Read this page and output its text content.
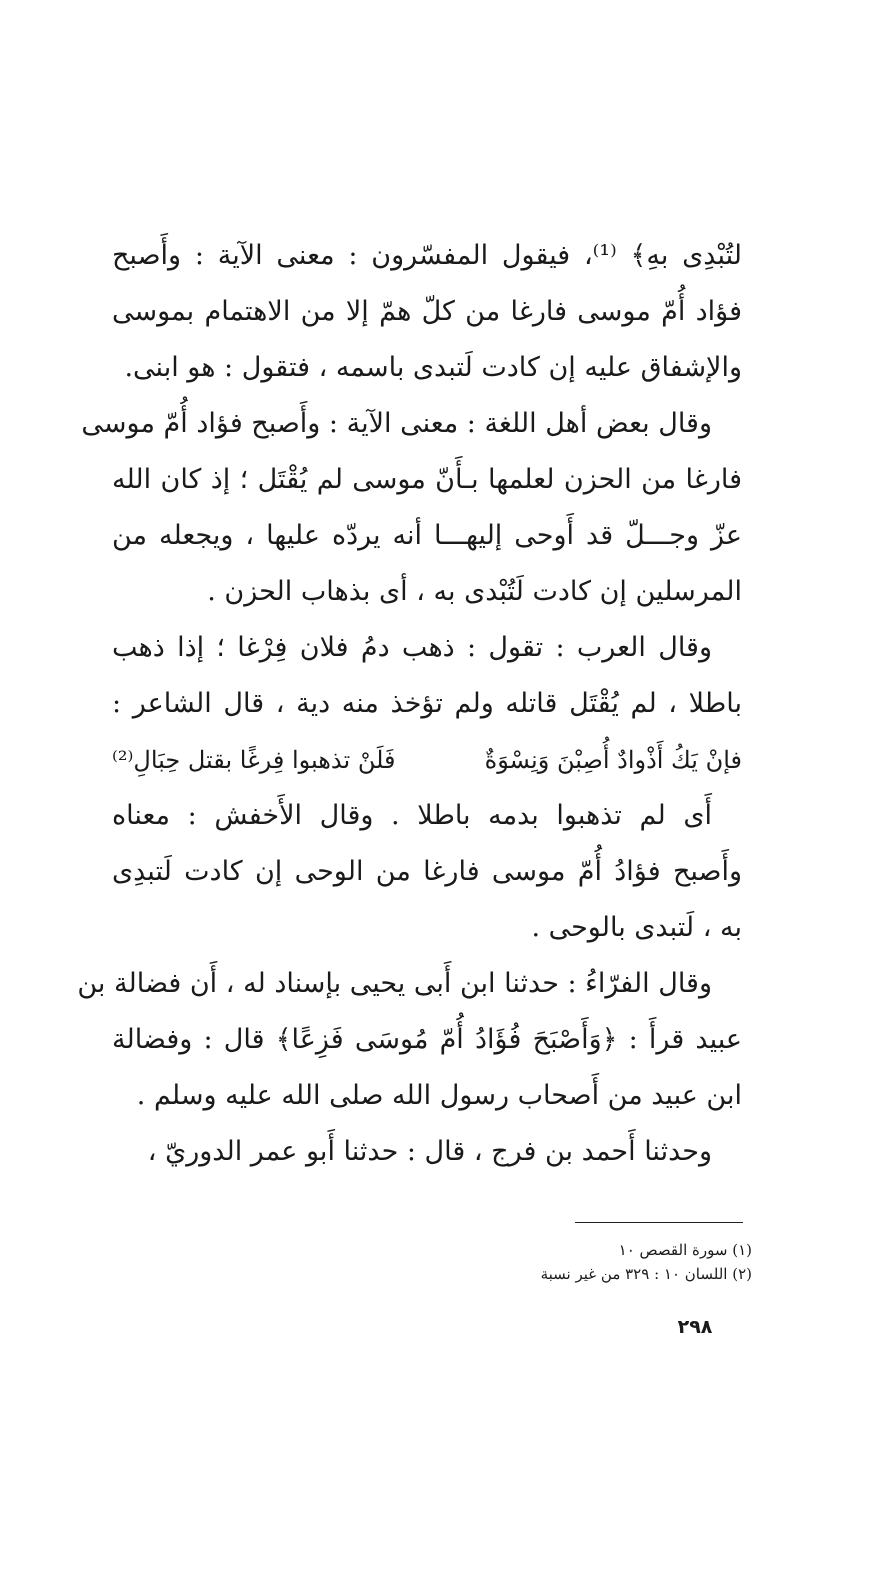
لتُبْدِى بهِ﴾ ⁽¹⁾، فيقول المفسّرون : معنى الآية : وأَصبح
فؤاد أُمّ موسى فارغا من كلّ همّ إلا من الاهتمام بموسى
والإشفاق عليه إن كادت لَتبدى باسمه ، فتقول : هو ابنى.
وقال بعض أهل اللغة : معنى الآية : وأَصبح فؤاد أُمّ موسى
فارغا من الحزن لعلمها بـأَنّ موسى لم يُقْتَل ؛ إذ كان الله
عزّ وجـــلّ قد أَوحى إليهـــا أنه يردّه عليها ، ويجعله من
المرسلين إن كادت لَتُبْدى به ، أى بذهاب الحزن .
وقال العرب : تقول : ذهب دمُ فلان فِرْغا ؛ إذا ذهب
باطلا ، لم يُقْتَل قاتله ولم تؤخذ منه دية ، قال الشاعر :
فإنْ يَكُ أَذْوادٌ أُصِبْنَ وَنِسْوَةٌ
فَلَنْ تذهبوا فِرغًا بقتل حِبَالِ⁽²⁾
أَى لم تذهبوا بدمه باطلا . وقال الأَخفش : معناه
وأَصبح فؤادُ أُمّ موسى فارغا من الوحى إن كادت لَتبدِى
به ، لَتبدى بالوحى .
وقال الفرّاءُ : حدثنا ابن أَبى يحيى بإسناد له ، أَن فضالة بن
عبيد قرأَ : ﴿وَأَصْبَحَ فُؤَادُ أُمّ مُوسَى فَزِعًا﴾ قال : وفضالة
ابن عبيد من أَصحاب رسول الله صلى الله عليه وسلم .
وحدثنا أَحمد بن فرج ، قال : حدثنا أَبو عمر الدوريّ ،
(١) سورة القصص ١٠
(٢) اللسان ١٠ : ٣٢٩ من غير نسبة
٢٩٨
